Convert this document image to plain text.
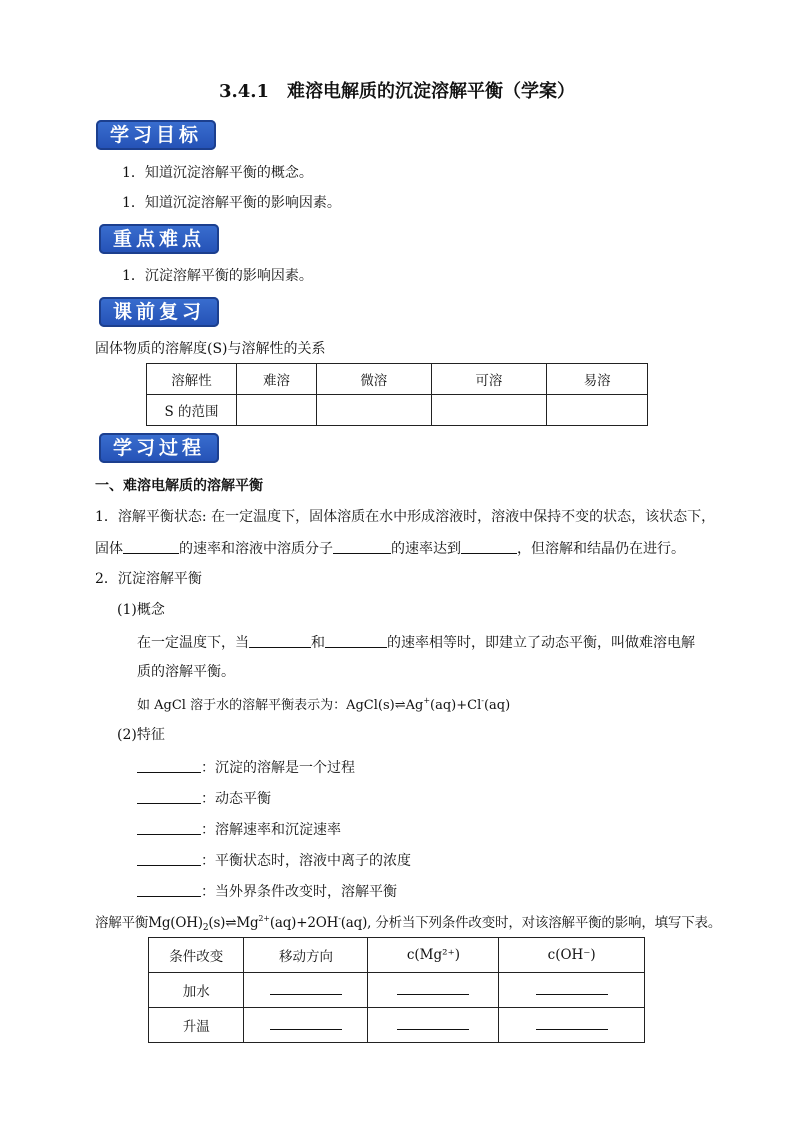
3.4.1　难溶电解质的沉淀溶解平衡（学案）
学习目标
1．知道沉淀溶解平衡的概念。
1．知道沉淀溶解平衡的影响因素。
重点难点
1．沉淀溶解平衡的影响因素。
课前复习
固体物质的溶解度(S)与溶解性的关系
溶解性	难溶	微溶	可溶	易溶
S 的范围				
学习过程
一、难溶电解质的溶解平衡
1．溶解平衡状态: 在一定温度下，固体溶质在水中形成溶液时，溶液中保持不变的状态，该状态下，
固体	的速率和溶液中溶质分子	的速率达到	，但溶解和结晶仍在进行。
2．沉淀溶解平衡
(1)概念
在一定温度下，当	和	的速率相等时，即建立了动态平衡，叫做难溶电解
质的溶解平衡。
如 AgCl 溶于水的溶解平衡表示为：AgCl(s)⇌Ag+(aq)+Cl-(aq)
(2)特征
：沉淀的溶解是一个过程
：动态平衡
：溶解速率和沉淀速率
：平衡状态时，溶液中离子的浓度
：当外界条件改变时，溶解平衡
溶解平衡$Mg(OH)_2(s)\rightleftharpoons Mg^{2+}(aq)+2OH^-(aq)$, 分析当下列条件改变时，对该溶解平衡的影响，填写下表。
条件改变	移动方向	c(Mg²⁺)	c(OH⁻)
加水			
升温			
